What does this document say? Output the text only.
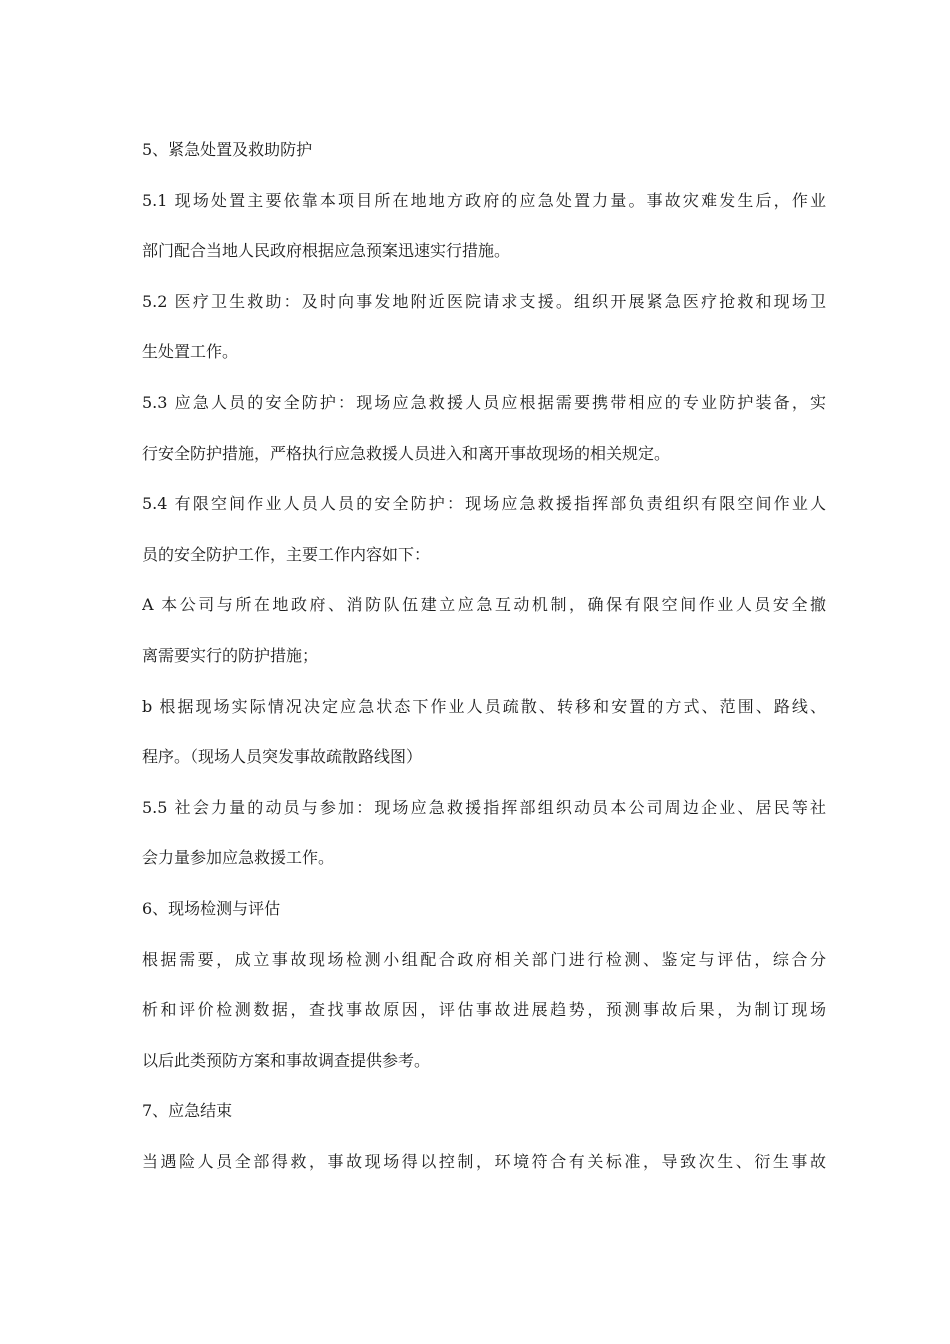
5、紧急处置及救助防护
5.1 现场处置主要依靠本项目所在地地方政府的应急处置力量。事故灾难发生后，作业
部门配合当地人民政府根据应急预案迅速实行措施。
5.2 医疗卫生救助：及时向事发地附近医院请求支援。组织开展紧急医疗抢救和现场卫
生处置工作。
5.3 应急人员的安全防护：现场应急救援人员应根据需要携带相应的专业防护装备，实
行安全防护措施，严格执行应急救援人员进入和离开事故现场的相关规定。
5.4 有限空间作业人员人员的安全防护：现场应急救援指挥部负责组织有限空间作业人
员的安全防护工作，主要工作内容如下：
A 本公司与所在地政府、消防队伍建立应急互动机制，确保有限空间作业人员安全撤
离需要实行的防护措施；
b 根据现场实际情况决定应急状态下作业人员疏散、转移和安置的方式、范围、路线、
程序。（现场人员突发事故疏散路线图）
5.5 社会力量的动员与参加：现场应急救援指挥部组织动员本公司周边企业、居民等社
会力量参加应急救援工作。
6、现场检测与评估
根据需要，成立事故现场检测小组配合政府相关部门进行检测、鉴定与评估，综合分
析和评价检测数据，查找事故原因，评估事故进展趋势，预测事故后果，为制订现场
以后此类预防方案和事故调查提供参考。
7、应急结束
当遇险人员全部得救，事故现场得以控制，环境符合有关标准，导致次生、衍生事故
